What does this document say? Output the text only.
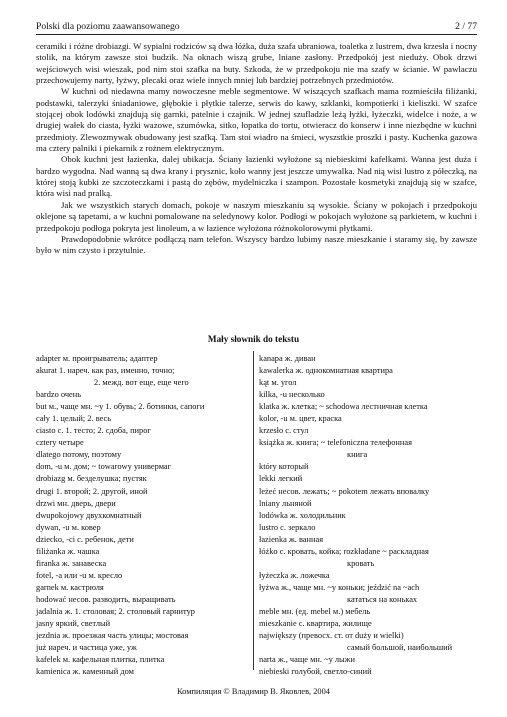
Polski dla poziomu zaawansowanego	2 / 77

ceramiki i różne drobiazgi. W sypialni rodziców są dwa łóżka, duża szafa ubraniowa, toaletka z lustrem, dwa krzesła i nocny stolik, na którym zawsze stoi budzik. Na oknach wiszą grube, lniane zasłony. Przedpokój jest nieduży. Obok drzwi wejściowych wisi wieszak, pod nim stoi szafka na buty. Szkoda, że w przedpokoju nie ma szafy w ścianie. W pawlaczu przechowujemy narty, łyżwy, plecaki oraz wiele innych mniej lub bardziej potrzebnych przedmiotów.

W kuchni od niedawna mamy nowoczesne meble segmentowe. W wiszących szafkach mama rozmieściła filiżanki, podstawki, talerzyki śniadaniowe, głębokie i płytkie talerze, serwis do kawy, szklanki, kompotierki i kieliszki. W szafce stojącej obok lodówki znajdują się garnki, patelnie i czajnik. W jednej szufladzie leżą łyżki, łyżeczki, widelce i noże, a w drugiej wałek do ciasta, łyżki wazowe, szumówka, sitko, łopatka do tortu, otwieracz do konserw i inne niezbędne w kuchni przedmioty. Zlewozmywak obudowany jest szafką. Tam stoi wiadro na śmieci, wyszstkie proszki i pasty. Kuchenka gazowa ma cztery palniki i piekarnik z rożnem elektrycznym.

Obok kuchni jest łazienka, dalej ubikacja. Ściany łazienki wyłożone są niebieskimi kafelkami. Wanna jest duża i bardzo wygodna. Nad wanną są dwa krany i prysznic, koło wanny jest jeszcze umywalka. Nad nią wisi lustro z półeczką, na której stoją kubki ze szczoteczkami i pastą do zębów, mydelniczka i szampon. Pozostałe kosmetyki znajdują się w szafce, która wisi nad pralką.

Jak we wszystkich starych domach, pokoje w naszym mieszkaniu są wysokie. Ściany w pokojach i przedpokoju oklejone są tapetami, a w kuchni pomalowane na seledynowy kolor. Podłogi w pokojach wyłożone są parkietem, w kuchni i przedpokoju podłoga pokryta jest linoleum, a w łazience wyłożona różnokolorowymi płytkami.

Prawdopodobnie wkrótce podłączą nam telefon. Wszyscy bardzo lubimy nasze mieszkanie i staramy się, by zawsze było w nim czysto i przytulnie.

Mały słownik do tekstu
adapter м. проигрыватель; адаптер
akurat 1. нареч. как раз, именно, точно;
2. межд. вот еще, еще чего
bardzo очень
but м., чаще мн. ~y 1. обувь; 2. ботинки, сапоги
cały 1. целый; 2. весь
ciasto с. 1. тесто; 2. сдоба, пирог
cztery четыре
dlatego потому, поэтому
dom, -u м. дом; ~ towarowy универмаг
drobiazg м. безделушка; пустяк
drugi 1. второй; 2. другой, иной
drzwi мн. дверь, двери
dwupokojowy двухкомнатный
dywan, -u м. ковер
dziecko, -ci с. ребенок, дети
filiżanka ж. чашка
firanka ж. занавеска
fotel, -a или -u м. кресло
garnek м. кастрюля
hodować несов. разводить, выращивать
jadalnia ж. 1. столовая; 2. столовый гарнитур
jasny яркий, светлый
jezdnia ж. проезжая часть улицы; мостовая
już нареч. и частица уже, уж
kafelek м. кафельная плитка, плитка
kamienica ж. каменный дом
kanapa ж. диван
kawalerka ж. однокомнатная квартира
kąt м. угол
kilka, -u несколько
klatka ж. клетка; ~ schodowa лестничная клетка
kolor, -u м. цвет, краска
krzesło с. стул
książka ж. книга; ~ telefoniczna телефонная
книга
który который
lekki легкий
leżeć несов. лежать; ~ pokotem лежать вповалку
lniany льняной
lodówka ж. холодильник
lustro с. зеркало
łazienka ж. ванная
łóżko с. кровать, койка; rozkładane ~ раскладная
кровать
łyżeczka ж. ложечка
łyżwa ж., чаще мн. ~y коньки; jeździć na ~ach
кататься на коньках
meble мн. (ед. mebel м.) мебель
mieszkanie с. квартира, жилище
największy (превосх. ст. от duży и wielki)
самый большой, наибольший
narta ж., чаще мн. ~y лыжи
niebieski голубой, светло-синий
Компиляция © Владимир В. Яковлев, 2004
